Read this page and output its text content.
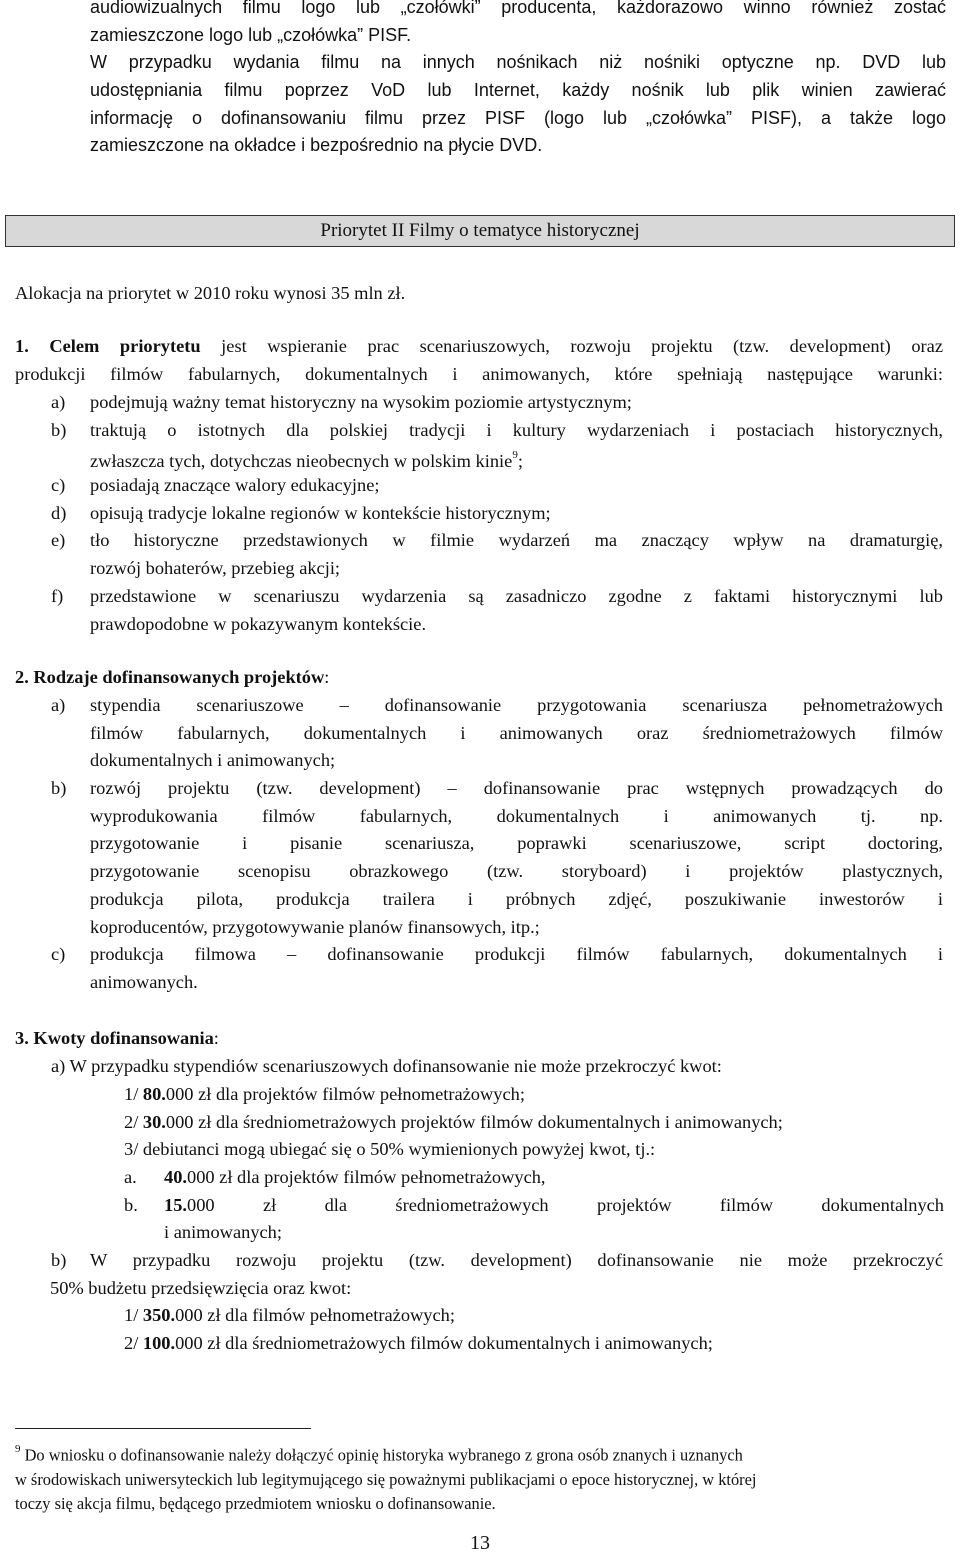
audiowizualnych filmu logo lub „czołówki” producenta, każdorazowo winno również zostać
zamieszczone logo lub „czołówka” PISF.
W przypadku wydania filmu na innych nośnikach niż nośniki optyczne np. DVD lub
udostępniania filmu poprzez VoD lub Internet, każdy nośnik lub plik winien zawierać
informację o dofinansowaniu filmu przez PISF (logo lub „czołówka” PISF), a także logo
zamieszczone na okładce i bezpośrednio na płycie DVD.
Priorytet II Filmy o tematyce historycznej
Alokacja na priorytet w 2010 roku wynosi 35 mln zł.
1. Celem priorytetu jest wspieranie prac scenariuszowych, rozwoju projektu (tzw. development) oraz
produkcji filmów fabularnych, dokumentalnych i animowanych, które spełniają następujące warunki:
a) podejmują ważny temat historyczny na wysokim poziomie artystycznym;
b) traktują o istotnych dla polskiej tradycji i kultury wydarzeniach i postaciach historycznych,
zwłaszcza tych, dotychczas nieobecnych w polskim kinie$^9$;
c) posiadają znaczące walory edukacyjne;
d) opisują tradycje lokalne regionów w kontekście historycznym;
e) tło historyczne przedstawionych w filmie wydarzeń ma znaczący wpływ na dramaturgię,
rozwój bohaterów, przebieg akcji;
f) przedstawione w scenariuszu wydarzenia są zasadniczo zgodne z faktami historycznymi lub
prawdopodobne w pokazywanym kontekście.
2. Rodzaje dofinansowanych projektów:
a) stypendia scenariuszowe – dofinansowanie przygotowania scenariusza pełnometrażowych
filmów fabularnych, dokumentalnych i animowanych oraz średniometrażowych filmów
dokumentalnych i animowanych;
b) rozwój projektu (tzw. development) – dofinansowanie prac wstępnych prowadzących do
wyprodukowania filmów fabularnych, dokumentalnych i animowanych tj. np.
przygotowanie i pisanie scenariusza, poprawki scenariuszowe, script doctoring,
przygotowanie scenopisu obrazkowego (tzw. storyboard) i projektów plastycznych,
produkcja pilota, produkcja trailera i próbnych zdjęć, poszukiwanie inwestorów i
koproducentów, przygotowywanie planów finansowych, itp.;
c) produkcja filmowa – dofinansowanie produkcji filmów fabularnych, dokumentalnych i
animowanych.
3. Kwoty dofinansowania:
a) W przypadku stypendiów scenariuszowych dofinansowanie nie może przekroczyć kwot:
1/ 80.000 zł dla projektów filmów pełnometrażowych;
2/ 30.000 zł dla średniometrażowych projektów filmów dokumentalnych i animowanych;
3/ debiutanci mogą ubiegać się o 50% wymienionych powyżej kwot, tj.:
a. 40.000 zł dla projektów filmów pełnometrażowych,
b. 15.000 zł dla średniometrażowych projektów filmów dokumentalnych
i animowanych;
b) W przypadku rozwoju projektu (tzw. development) dofinansowanie nie może przekroczyć
50% budżetu przedsięwzięcia oraz kwot:
1/ 350.000 zł dla filmów pełnometrażowych;
2/ 100.000 zł dla średniometrażowych filmów dokumentalnych i animowanych;
$^9$ Do wniosku o dofinansowanie należy dołączyć opinię historyka wybranego z grona osób znanych i uznanych
w środowiskach uniwersyteckich lub legitymującego się poważnymi publikacjami o epoce historycznej, w której
toczy się akcja filmu, będącego przedmiotem wniosku o dofinansowanie.
13
